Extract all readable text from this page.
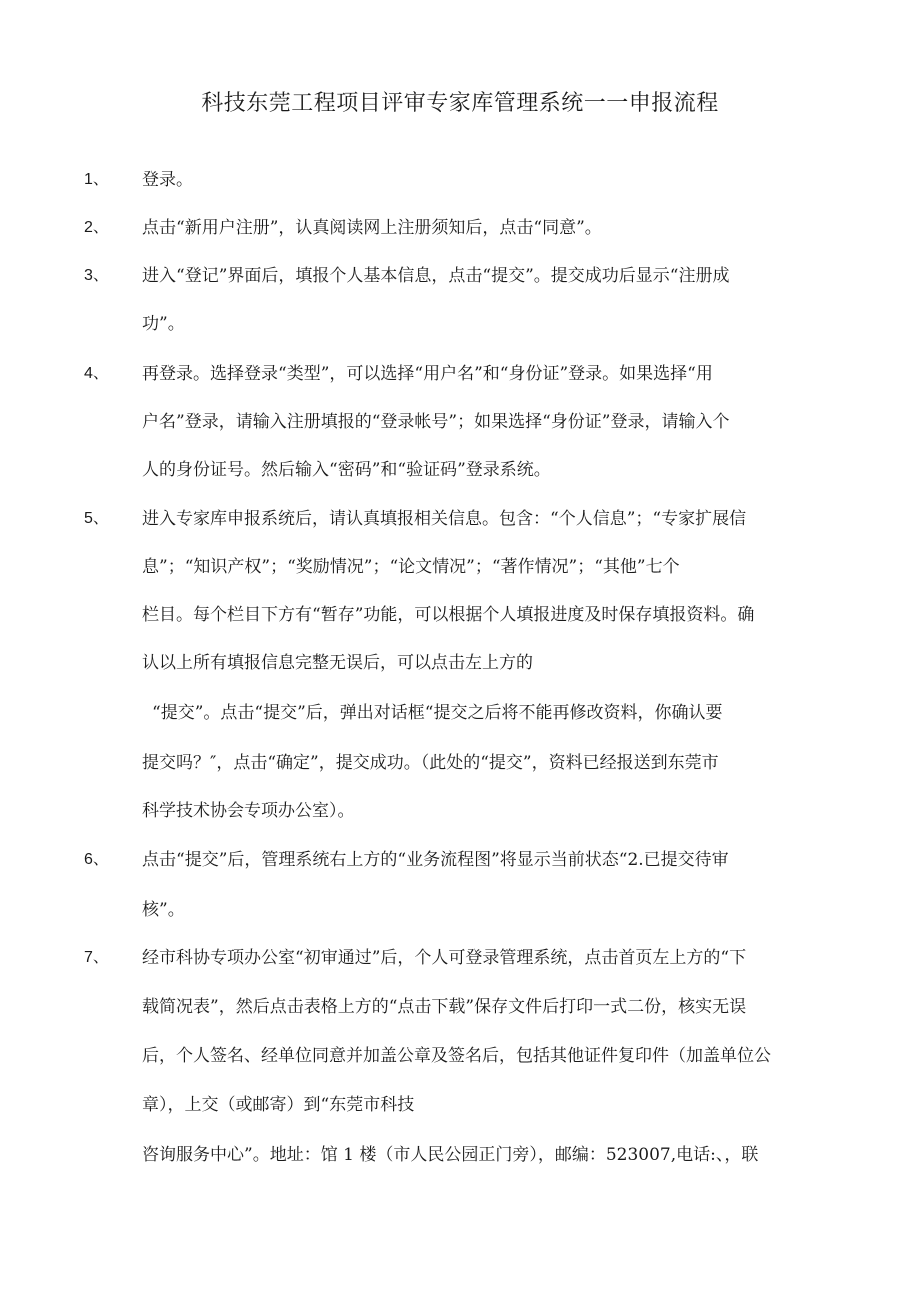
科技东莞工程项目评审专家库管理系统一一申报流程
1、 登录。
2、 点击“新用户注册”，认真阅读网上注册须知后，点击“同意”。
3、 进入“登记”界面后，填报个人基本信息，点击“提交”。提交成功后显示“注册成
功”。
4、 再登录。选择登录“类型”，可以选择“用户名”和“身份证”登录。如果选择“用
户名”登录，请输入注册填报的“登录帐号”；如果选择“身份证”登录，请输入个
人的身份证号。然后输入“密码”和“验证码”登录系统。
5、 进入专家库申报系统后，请认真填报相关信息。包含：“个人信息”；“专家扩展信
息”；“知识产权”；“奖励情况”；“论文情况”；“著作情况”；“其他”七个
栏目。每个栏目下方有“暂存”功能，可以根据个人填报进度及时保存填报资料。确
认以上所有填报信息完整无误后，可以点击左上方的
“提交”。点击“提交”后，弹出对话框“提交之后将不能再修改资料，你确认要
提交吗？″，点击“确定”，提交成功。（此处的“提交”，资料已经报送到东莞市
科学技术协会专项办公室）。
6、 点击“提交”后，管理系统右上方的“业务流程图”将显示当前状态“2.已提交待审
核”。
7、 经市科协专项办公室“初审通过”后，个人可登录管理系统，点击首页左上方的“下
载简况表”，然后点击表格上方的“点击下载”保存文件后打印一式二份，核实无误
后，个人签名、经单位同意并加盖公章及签名后，包括其他证件复印件（加盖单位公
章），上交（或邮寄）到“东莞市科技
咨询服务中心”。地址：馆 1 楼（市人民公园正门旁），邮编：523007,电话:、，联
